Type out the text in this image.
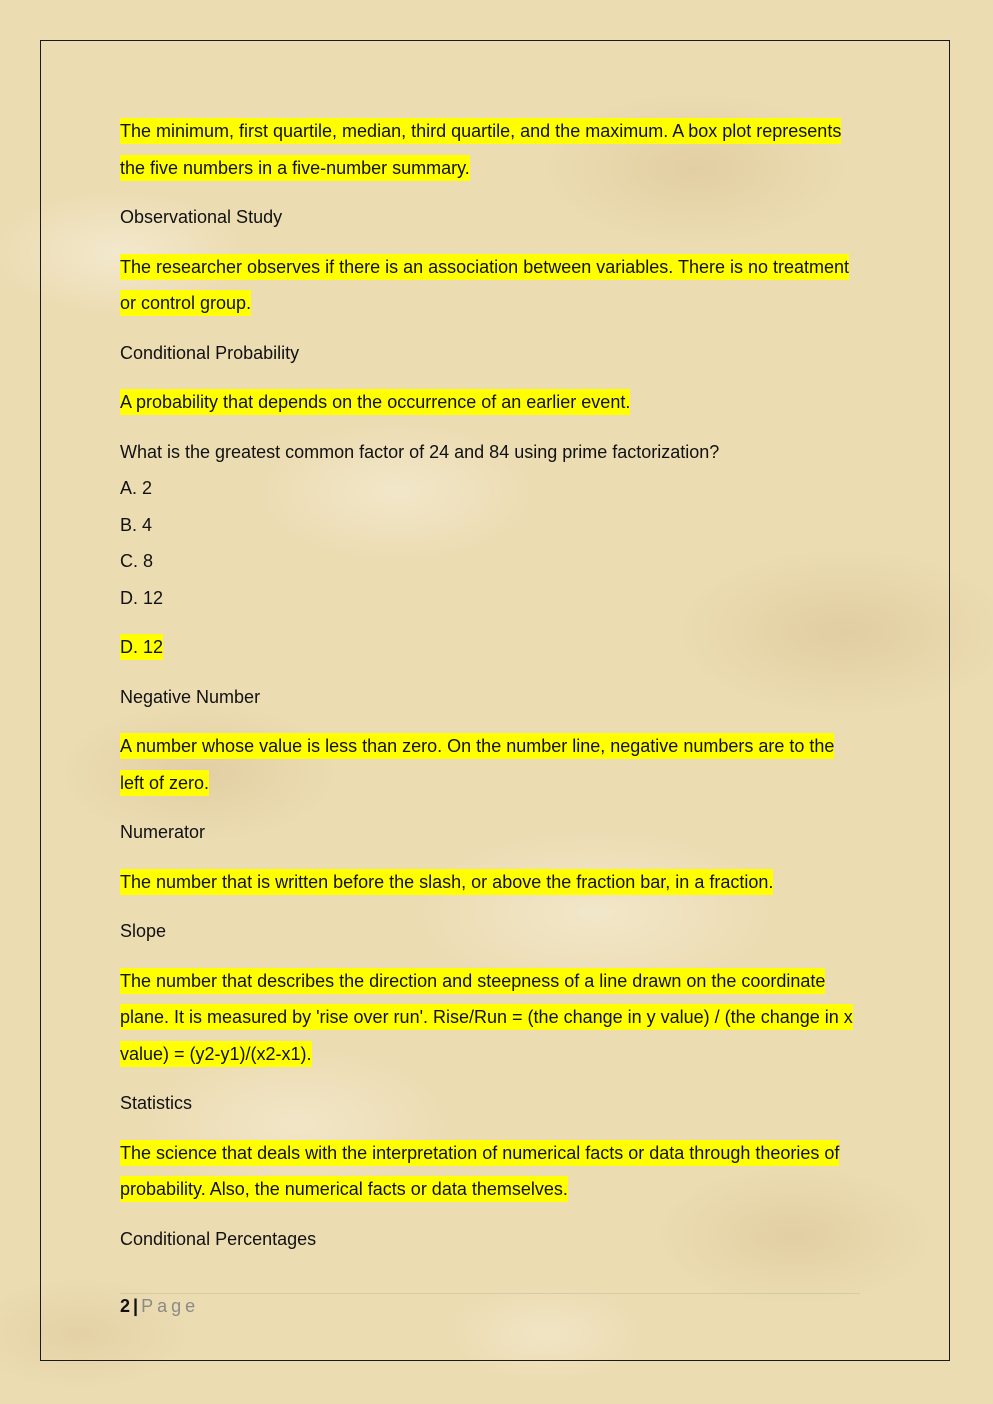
The minimum, first quartile, median, third quartile, and the maximum. A box plot represents the five numbers in a five-number summary.

Observational Study

The researcher observes if there is an association between variables. There is no treatment or control group.

Conditional Probability

A probability that depends on the occurrence of an earlier event.

What is the greatest common factor of 24 and 84 using prime factorization?

A. 2

B. 4

C. 8

D. 12

D. 12

Negative Number

A number whose value is less than zero. On the number line, negative numbers are to the left of zero.

Numerator

The number that is written before the slash, or above the fraction bar, in a fraction.

Slope

The number that describes the direction and steepness of a line drawn on the coordinate plane. It is measured by 'rise over run'. Rise/Run = (the change in y value) / (the change in x value) = (y2-y1)/(x2-x1).

Statistics

The science that deals with the interpretation of numerical facts or data through theories of probability. Also, the numerical facts or data themselves.

Conditional Percentages

2 | Page
